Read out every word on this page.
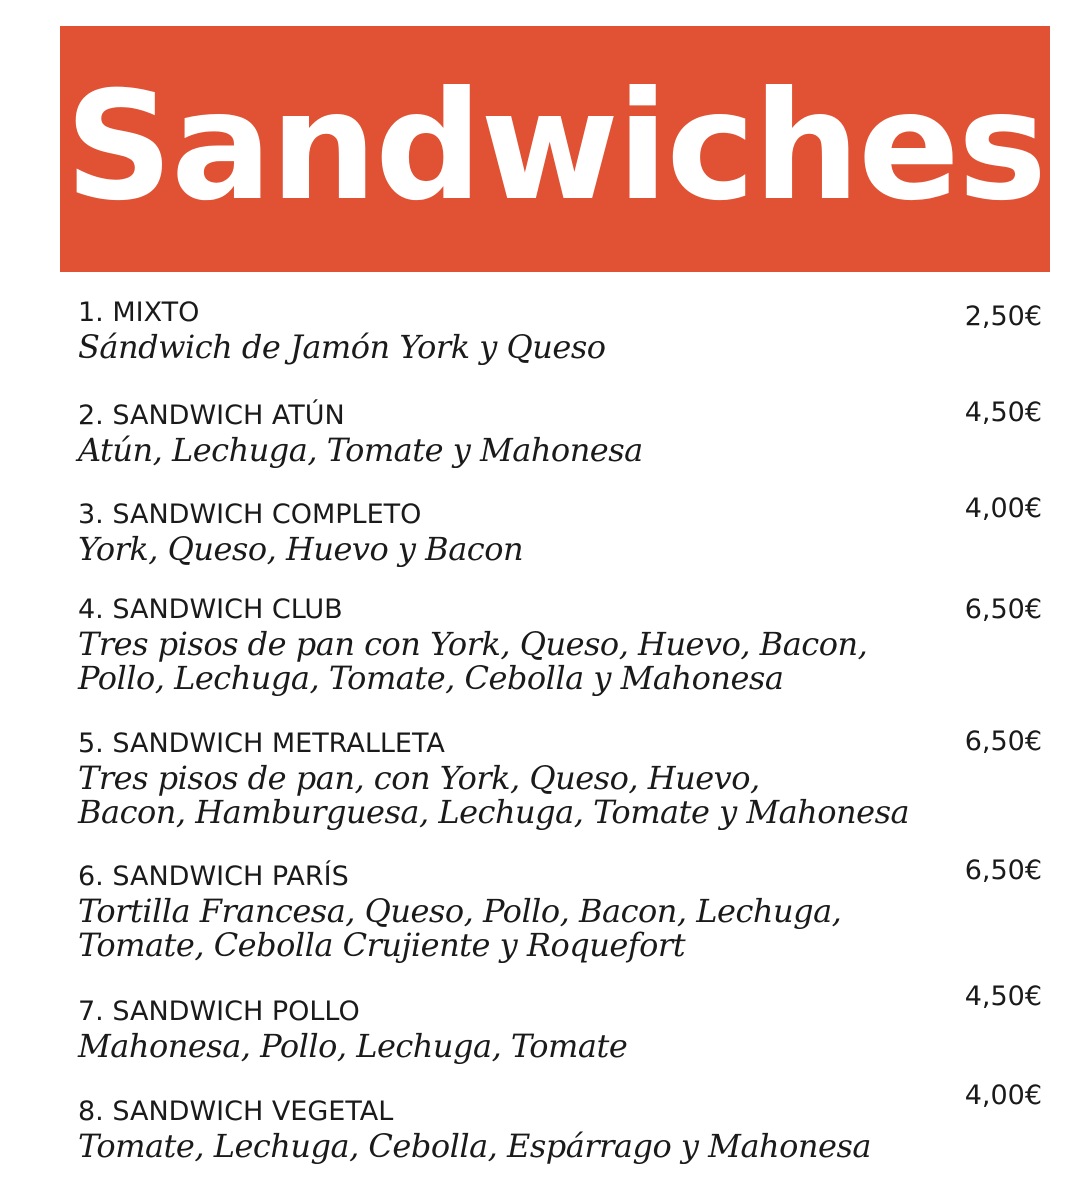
Sandwiches
1. MIXTO
Sándwich de Jamón York y Queso
2,50€
2. SANDWICH ATÚN
Atún, Lechuga, Tomate y Mahonesa
4,50€
3. SANDWICH COMPLETO
York, Queso, Huevo y Bacon
4,00€
4. SANDWICH CLUB
Tres pisos de pan con York, Queso, Huevo, Bacon,
Pollo, Lechuga, Tomate, Cebolla y Mahonesa
6,50€
5. SANDWICH METRALLETA
Tres pisos de pan, con York, Queso, Huevo,
Bacon, Hamburguesa, Lechuga, Tomate y Mahonesa
6,50€
6. SANDWICH PARÍS
Tortilla Francesa, Queso, Pollo, Bacon, Lechuga,
Tomate, Cebolla Crujiente y Roquefort
6,50€
7. SANDWICH POLLO
Mahonesa, Pollo, Lechuga, Tomate
4,50€
8. SANDWICH VEGETAL
Tomate, Lechuga, Cebolla, Espárrago y Mahonesa
4,00€
